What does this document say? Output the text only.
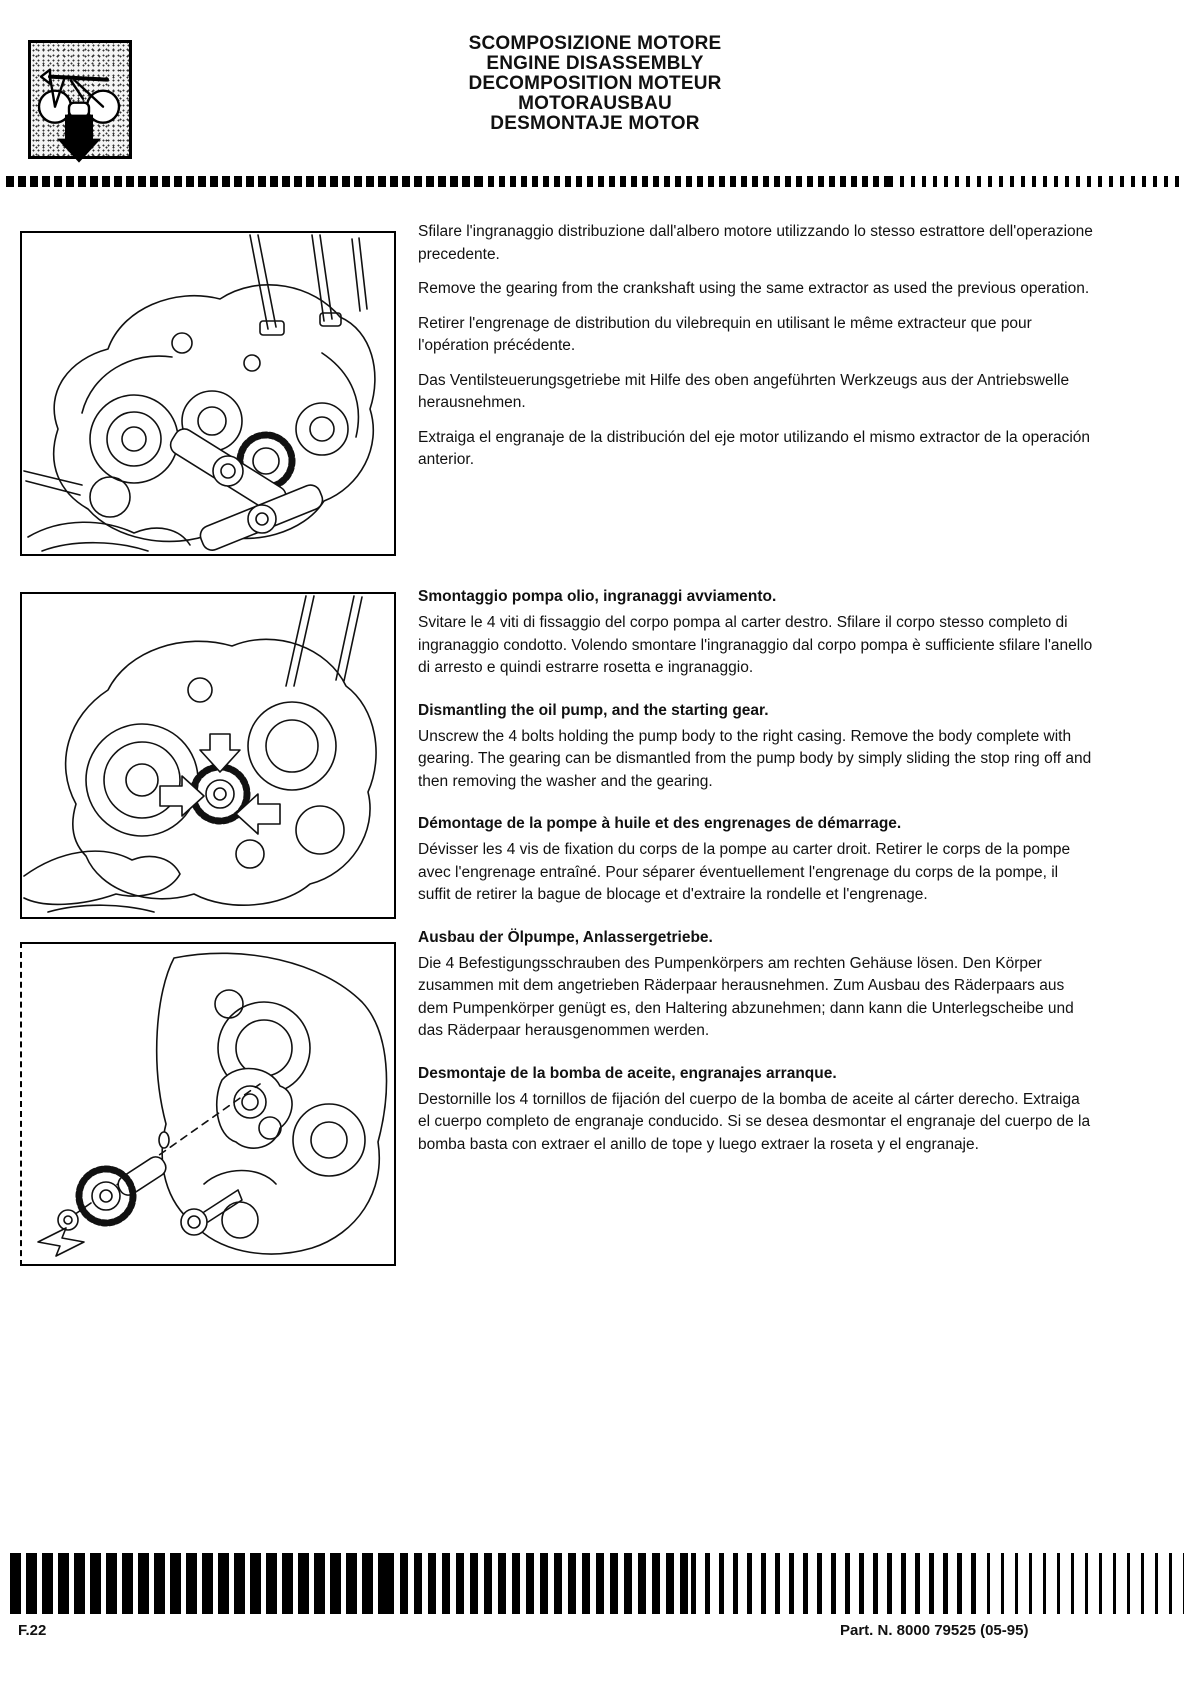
SCOMPOSIZIONE MOTORE
ENGINE DISASSEMBLY
DECOMPOSITION MOTEUR
MOTORAUSBAU
DESMONTAJE MOTOR

Sfilare l'ingranaggio distribuzione dall'albero motore utilizzando lo stesso estrattore dell'operazione precedente.

Remove the gearing from the crankshaft using the same extractor as used the previous operation.

Retirer l'engrenage de distribution du vilebrequin en utilisant le même extracteur que pour l'opération précédente.

Das Ventilsteuerungsgetriebe mit Hilfe des oben angeführten Werkzeugs aus der Antriebswelle herausnehmen.

Extraiga el engranaje de la distribución del eje motor utilizando el mismo extractor de la operación anterior.

Smontaggio pompa olio, ingranaggi avviamento.

Svitare le 4 viti di fissaggio del corpo pompa al carter destro. Sfilare il corpo stesso completo di ingranaggio condotto. Volendo smontare l'ingranaggio dal corpo pompa è sufficiente sfilare l'anello di arresto e quindi estrarre rosetta e ingranaggio.

Dismantling the oil pump, and the starting gear.

Unscrew the 4 bolts holding the pump body to the right casing. Remove the body complete with gearing. The gearing can be dismantled from the pump body by simply sliding the stop ring off and then removing the washer and the gearing.

Démontage de la pompe à huile et des engrenages de démarrage.

Dévisser les 4 vis de fixation du corps de la pompe au carter droit. Retirer le corps de la pompe avec l'engrenage entraîné. Pour séparer éventuellement l'engrenage du corps de la pompe, il suffit de retirer la bague de blocage et d'extraire la rondelle et l'engrenage.

Ausbau der Ölpumpe, Anlassergetriebe.

Die 4 Befestigungsschrauben des Pumpenkörpers am rechten Gehäuse lösen. Den Körper zusammen mit dem angetrieben Räderpaar herausnehmen. Zum Ausbau des Räderpaars aus dem Pumpenkörper genügt es, den Haltering abzunehmen; dann kann die Unterlegscheibe und das Räderpaar herausgenommen werden.

Desmontaje de la bomba de aceite, engranajes arranque.

Destornille los 4 tornillos de fijación del cuerpo de la bomba de aceite al cárter derecho. Extraiga el cuerpo completo de engranaje conducido. Si se desea desmontar el engranaje del cuerpo de la bomba basta con extraer el anillo de tope y luego extraer la roseta y el engranaje.

F.22	Part. N. 8000 79525 (05-95)
